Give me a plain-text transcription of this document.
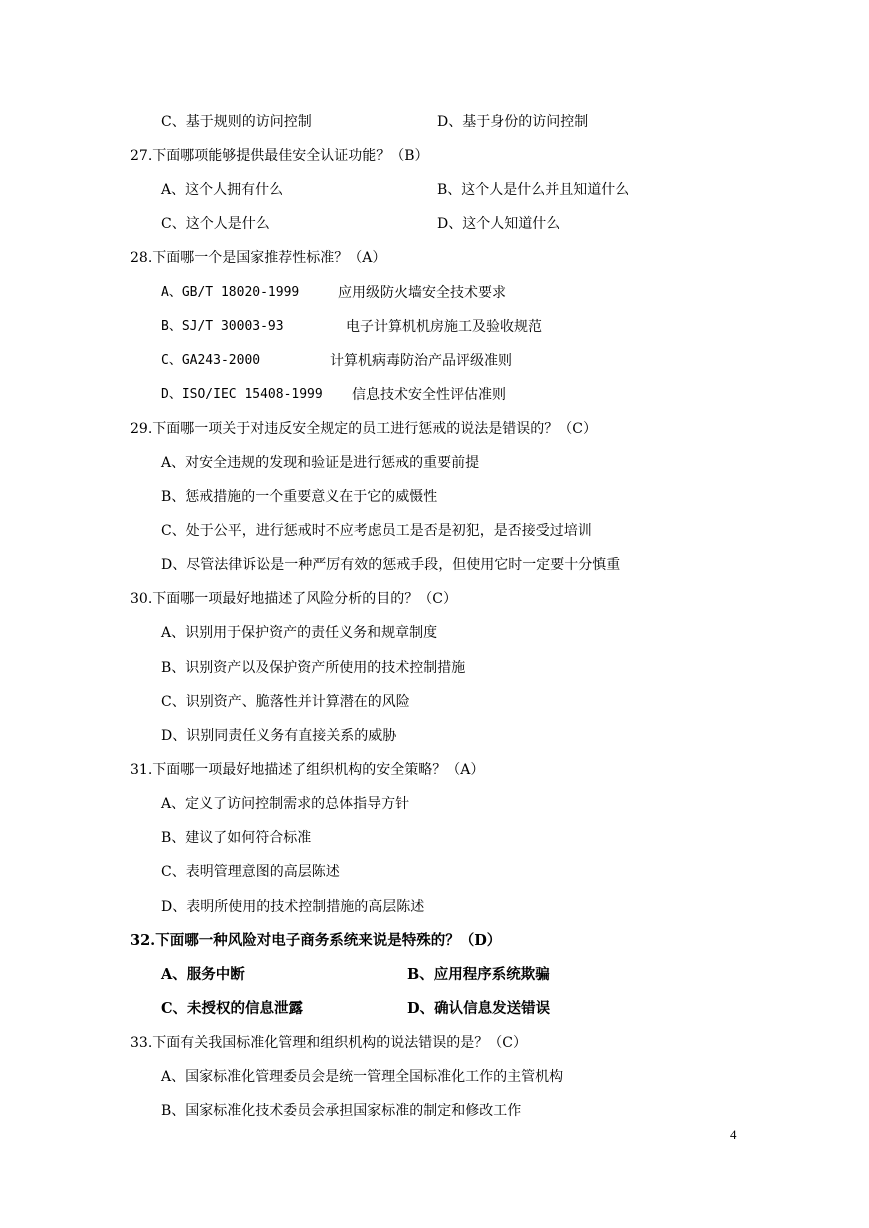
C、基于规则的访问控制	D、基于身份的访问控制
27.下面哪项能够提供最佳安全认证功能？（B）
A、这个人拥有什么	B、这个人是什么并且知道什么
C、这个人是什么	D、这个人知道什么
28.下面哪一个是国家推荐性标准？（A）
A、GB/T 18020-1999	应用级防火墙安全技术要求
B、SJ/T 30003-93	电子计算机机房施工及验收规范
C、GA243-2000	计算机病毒防治产品评级准则
D、ISO/IEC 15408-1999 信息技术安全性评估准则
29.下面哪一项关于对违反安全规定的员工进行惩戒的说法是错误的？（C）
A、对安全违规的发现和验证是进行惩戒的重要前提
B、惩戒措施的一个重要意义在于它的威慑性
C、处于公平，进行惩戒时不应考虑员工是否是初犯，是否接受过培训
D、尽管法律诉讼是一种严厉有效的惩戒手段，但使用它时一定要十分慎重
30.下面哪一项最好地描述了风险分析的目的？（C）
A、识别用于保护资产的责任义务和规章制度
B、识别资产以及保护资产所使用的技术控制措施
C、识别资产、脆落性并计算潜在的风险
D、识别同责任义务有直接关系的威胁
31.下面哪一项最好地描述了组织机构的安全策略？（A）
A、定义了访问控制需求的总体指导方针
B、建议了如何符合标准
C、表明管理意图的高层陈述
D、表明所使用的技术控制措施的高层陈述
32.下面哪一种风险对电子商务系统来说是特殊的？（D）
A、服务中断	B、应用程序系统欺骗
C、未授权的信息泄露	D、确认信息发送错误
33.下面有关我国标准化管理和组织机构的说法错误的是？（C）
A、国家标准化管理委员会是统一管理全国标准化工作的主管机构
B、国家标准化技术委员会承担国家标准的制定和修改工作
4
